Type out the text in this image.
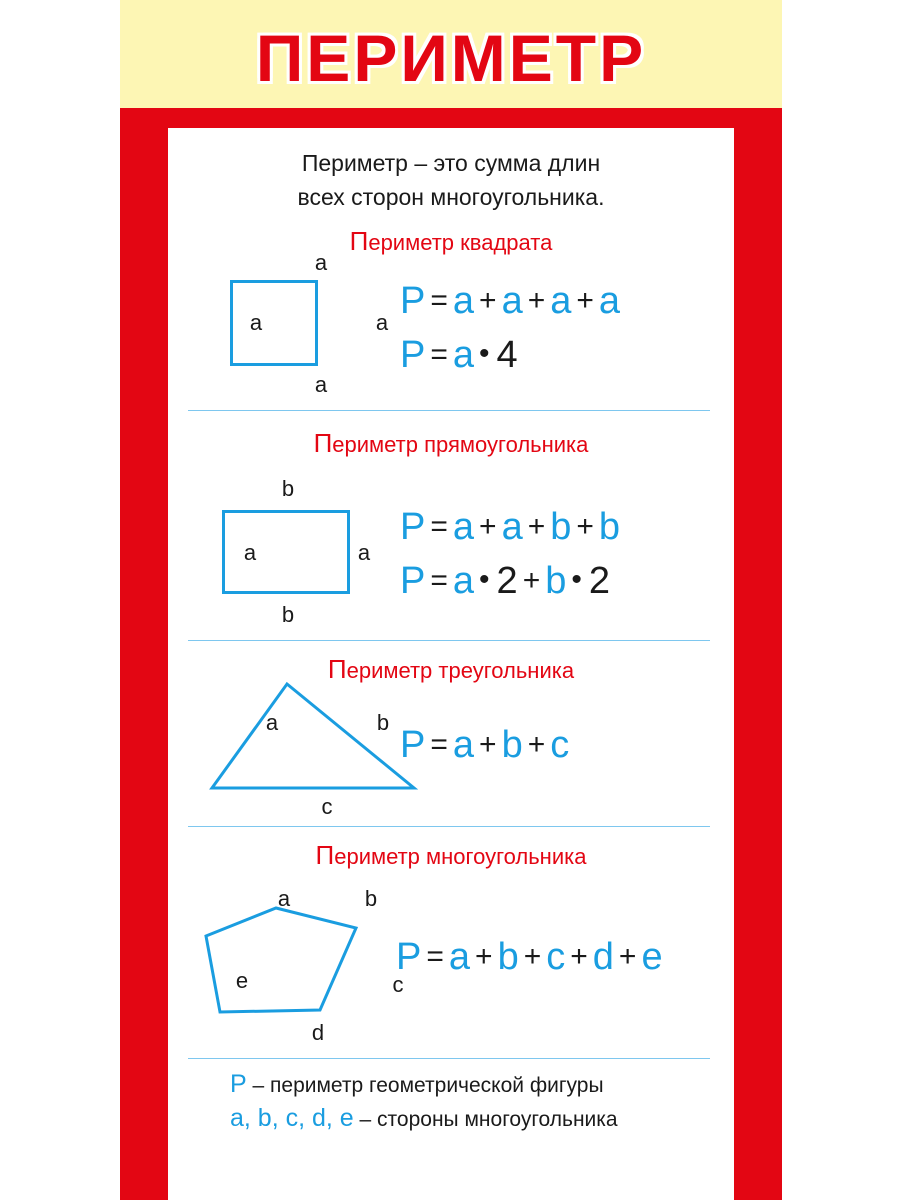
ПЕРИМЕТР
Периметр – это сумма длин
всех сторон многоугольника.
Периметр квадрата
a
a	a
a
P = a + a + a + a
P = a • 4
Периметр прямоугольника
b
a	a
b
P = a + a + b + b
P = a • 2 + b • 2
Периметр треугольника
a	b
c
P = a + b + c
Периметр многоугольника
a	b
c
d
e
P = a + b + c + d + e
P – периметр геометрической фигуры
a, b, c, d, e – стороны многоугольника
